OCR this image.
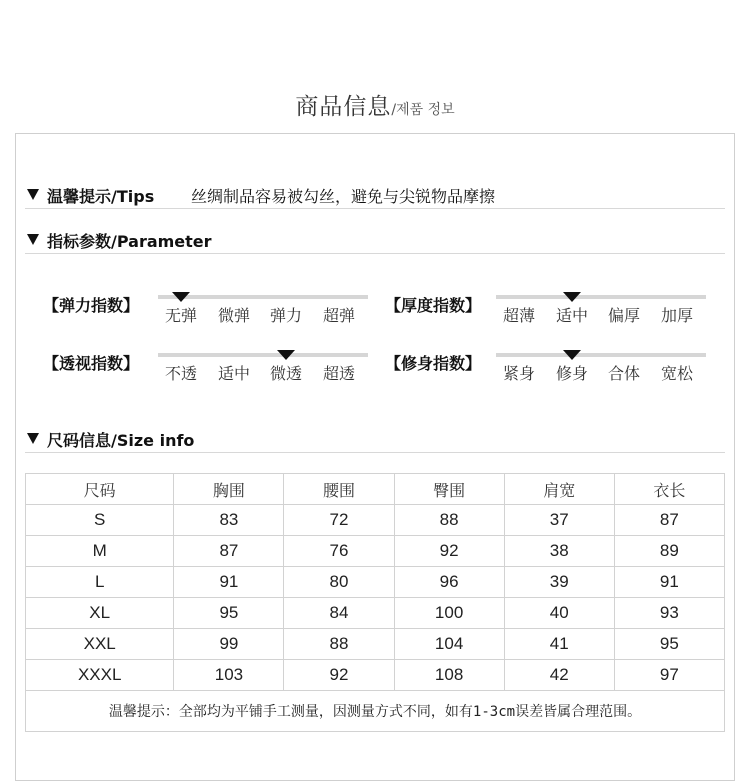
商品信息/제품 정보
温馨提示/Tips 丝绸制品容易被勾丝，避免与尖锐物品摩擦
指标参数/Parameter
【弹力指数】
无弹 微弹 弹力 超弹
【厚度指数】
超薄 适中 偏厚 加厚
【透视指数】
不透 适中 微透 超透
【修身指数】
紧身 修身 合体 宽松
尺码信息/Size info
尺码	胸围	腰围	臀围	肩宽	衣长
S	83	72	88	37	87
M	87	76	92	38	89
L	91	80	96	39	91
XL	95	84	100	40	93
XXL	99	88	104	41	95
XXXL	103	92	108	42	97
温馨提示：全部均为平铺手工测量，因测量方式不同，如有1-3cm误差皆属合理范围。					
